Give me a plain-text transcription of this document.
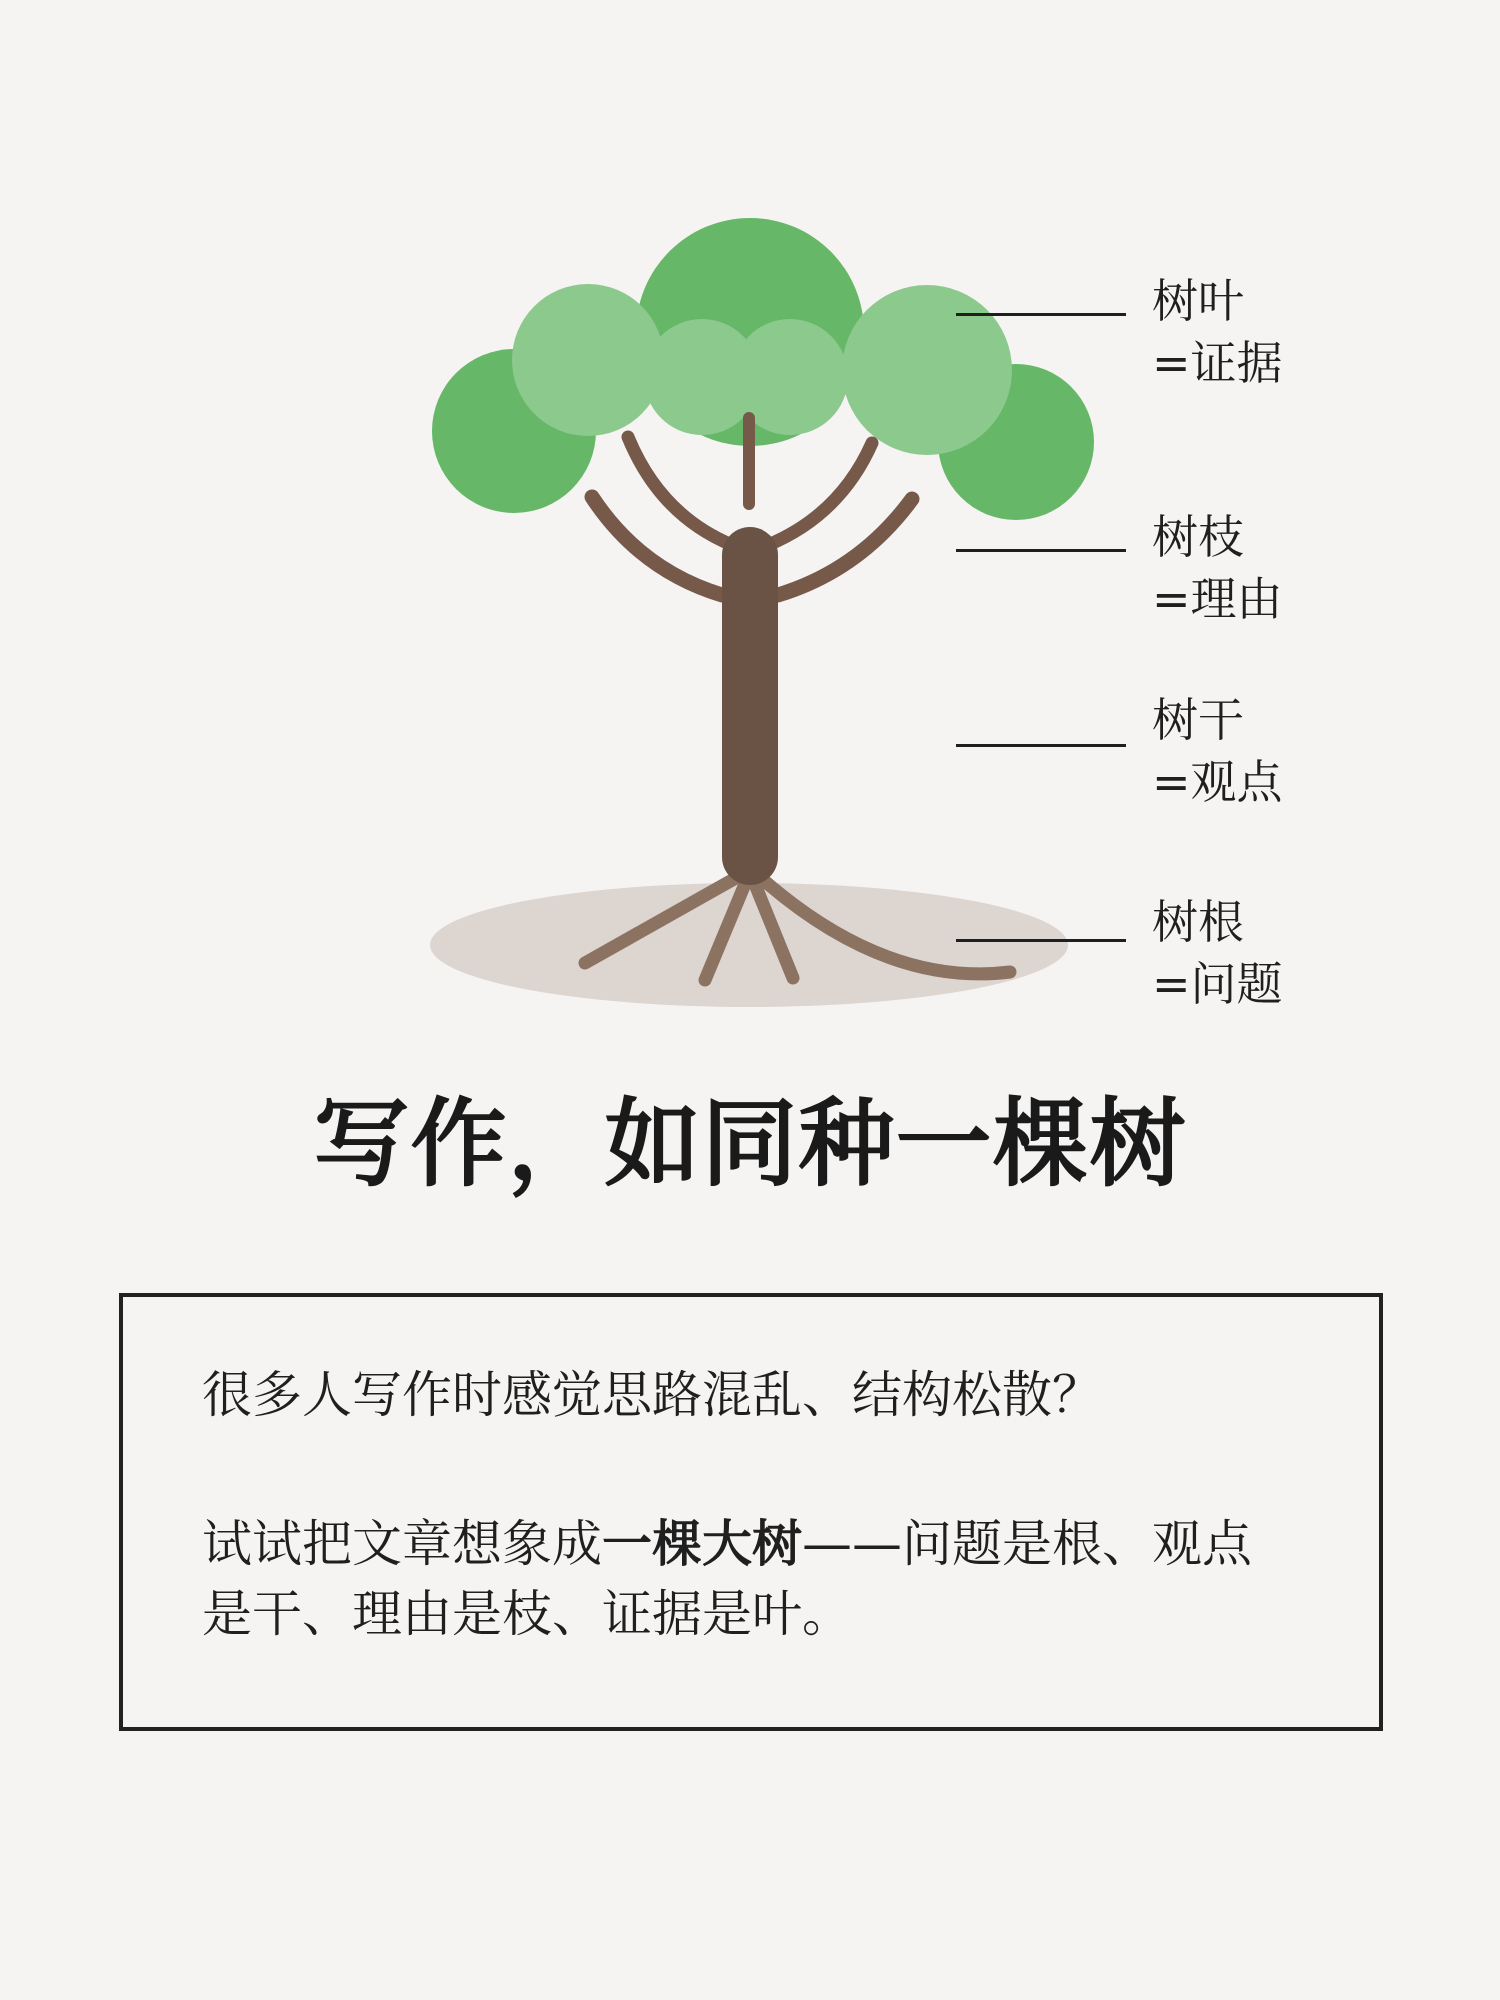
树叶
=证据
树枝
=理由
树干
=观点
树根
=问题
写作，如同种一棵树
很多人写作时感觉思路混乱、结构松散？
试试把文章想象成一棵大树——问题是根、观点
是干、理由是枝、证据是叶。
